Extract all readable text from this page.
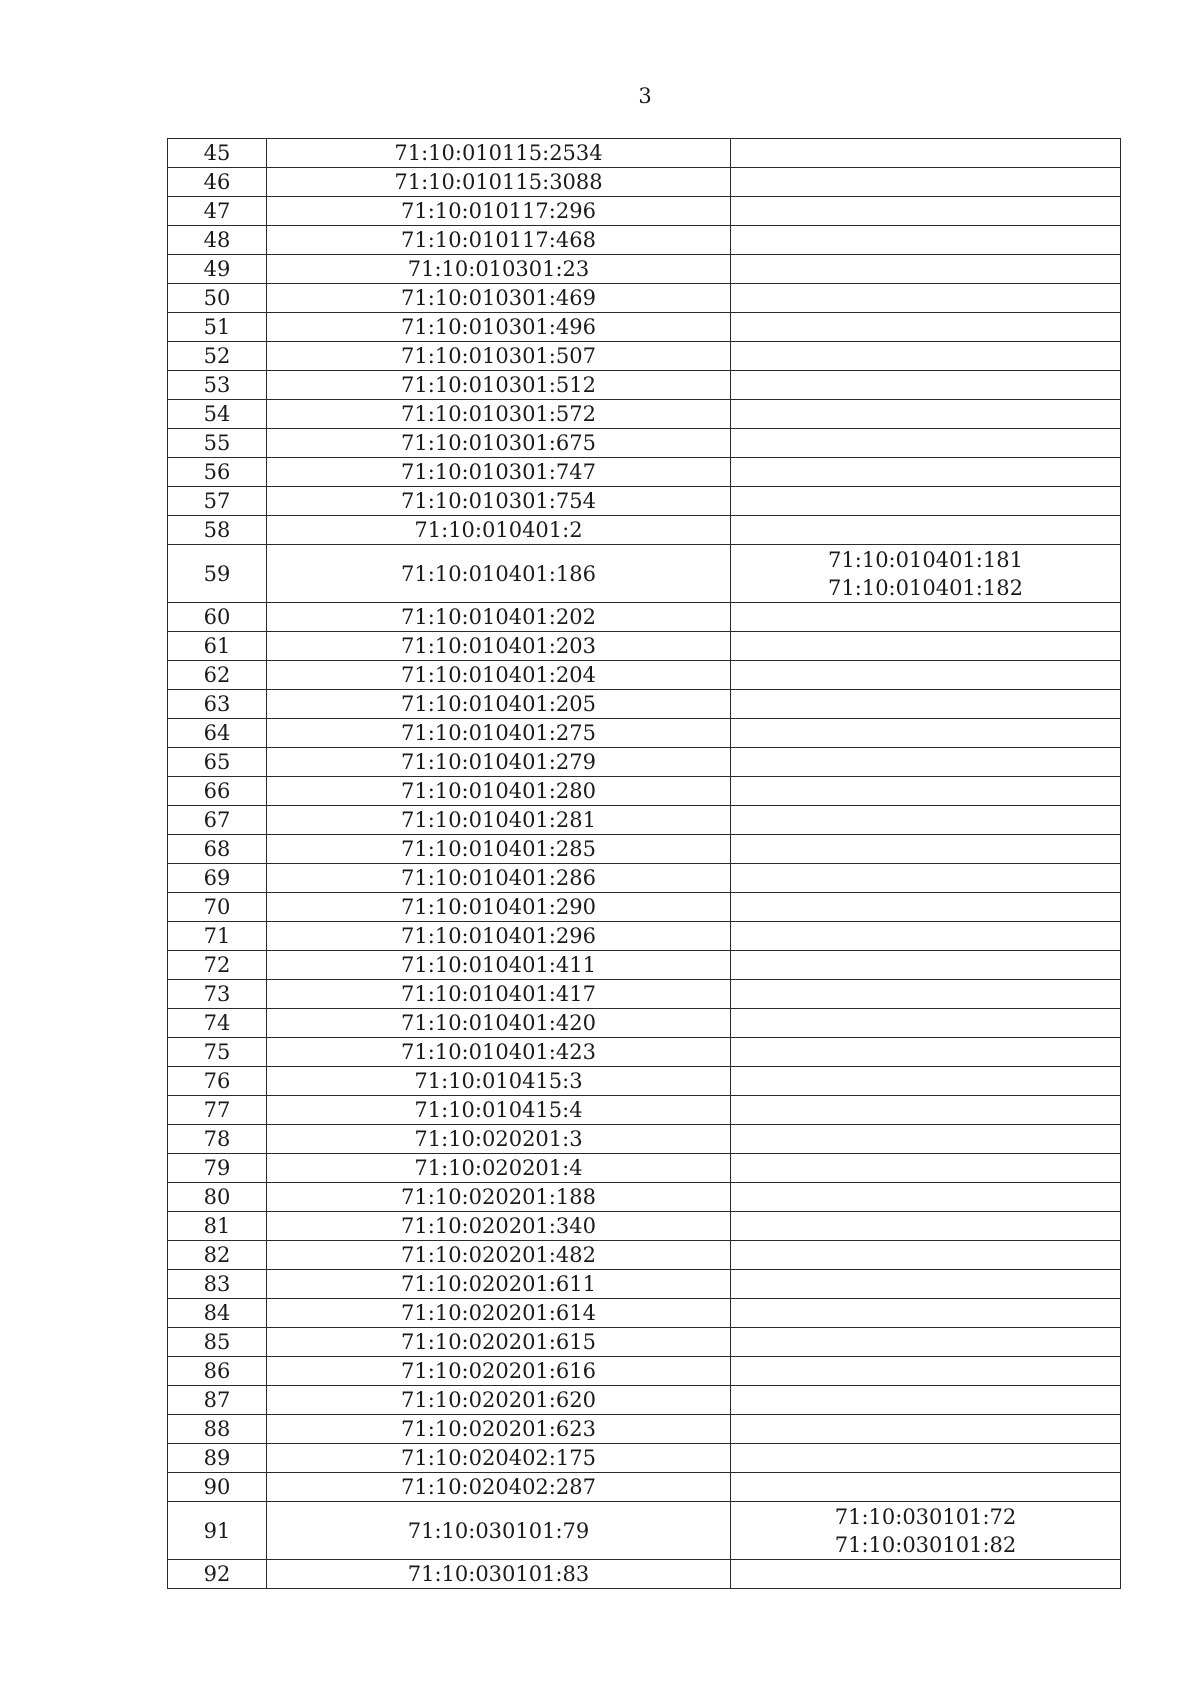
3
45	71:10:010115:2534	
46	71:10:010115:3088	
47	71:10:010117:296	
48	71:10:010117:468	
49	71:10:010301:23	
50	71:10:010301:469	
51	71:10:010301:496	
52	71:10:010301:507	
53	71:10:010301:512	
54	71:10:010301:572	
55	71:10:010301:675	
56	71:10:010301:747	
57	71:10:010301:754	
58	71:10:010401:2	
59	71:10:010401:186	71:10:010401:181
71:10:010401:182

60	71:10:010401:202	
61	71:10:010401:203	
62	71:10:010401:204	
63	71:10:010401:205	
64	71:10:010401:275	
65	71:10:010401:279	
66	71:10:010401:280	
67	71:10:010401:281	
68	71:10:010401:285	
69	71:10:010401:286	
70	71:10:010401:290	
71	71:10:010401:296	
72	71:10:010401:411	
73	71:10:010401:417	
74	71:10:010401:420	
75	71:10:010401:423	
76	71:10:010415:3	
77	71:10:010415:4	
78	71:10:020201:3	
79	71:10:020201:4	
80	71:10:020201:188	
81	71:10:020201:340	
82	71:10:020201:482	
83	71:10:020201:611	
84	71:10:020201:614	
85	71:10:020201:615	
86	71:10:020201:616	
87	71:10:020201:620	
88	71:10:020201:623	
89	71:10:020402:175	
90	71:10:020402:287	
91	71:10:030101:79	71:10:030101:72
71:10:030101:82

92	71:10:030101:83	
